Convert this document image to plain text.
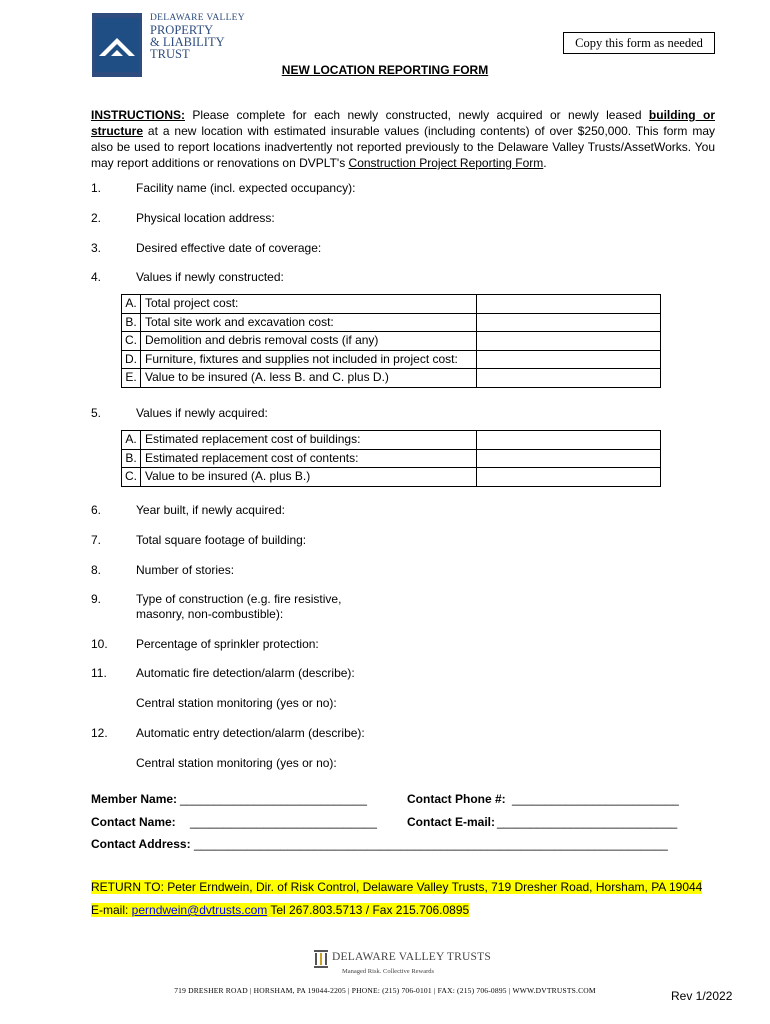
DELAWARE VALLEY
PROPERTY
& LIABILITY
TRUST
Copy this form as needed
NEW LOCATION REPORTING FORM
INSTRUCTIONS: Please complete for each newly constructed, newly acquired or newly leased building or structure at a new location with estimated insurable values (including contents) of over $250,000. This form may also be used to report locations inadvertently not reported previously to the Delaware Valley Trusts/AssetWorks. You may report additions or renovations on DVPLT's Construction Project Reporting Form.
1.	Facility name (incl. expected occupancy):
2.	Physical location address:
3.	Desired effective date of coverage:
4.	Values if newly constructed:
A.	Total project cost:	
B.	Total site work and excavation cost:	
C.	Demolition and debris removal costs (if any)	
D.	Furniture, fixtures and supplies not included in project cost:	
E.	Value to be insured (A. less B. and C. plus D.)	
5.	Values if newly acquired:
A.	Estimated replacement cost of buildings:	
B.	Estimated replacement cost of contents:	
C.	Value to be insured (A. plus B.)	
6.	Year built, if newly acquired:
7.	Total square footage of building:
8.	Number of stories:
9.	Type of construction (e.g. fire resistive,
masonry, non-combustible):
10. Percentage of sprinkler protection:
11. Automatic fire detection/alarm (describe):
Central station monitoring (yes or no):
12. Automatic entry detection/alarm (describe):
Central station monitoring (yes or no):
Member Name: ____________________________	Contact Phone #: _________________________
Contact Name: ____________________________	Contact E-mail: ___________________________
Contact Address: _______________________________________________________________________
RETURN TO: Peter Erndwein, Dir. of Risk Control, Delaware Valley Trusts, 719 Dresher Road, Horsham, PA 19044
E-mail: perndwein@dvtrusts.com Tel 267.803.5713 / Fax 215.706.0895
DELAWARE VALLEY TRUSTS
Managed Risk. Collective Rewards
719 DRESHER ROAD | HORSHAM, PA 19044-2205 | PHONE: (215) 706-0101 | FAX: (215) 706-0895 | WWW.DVTRUSTS.COM	Rev 1/2022
